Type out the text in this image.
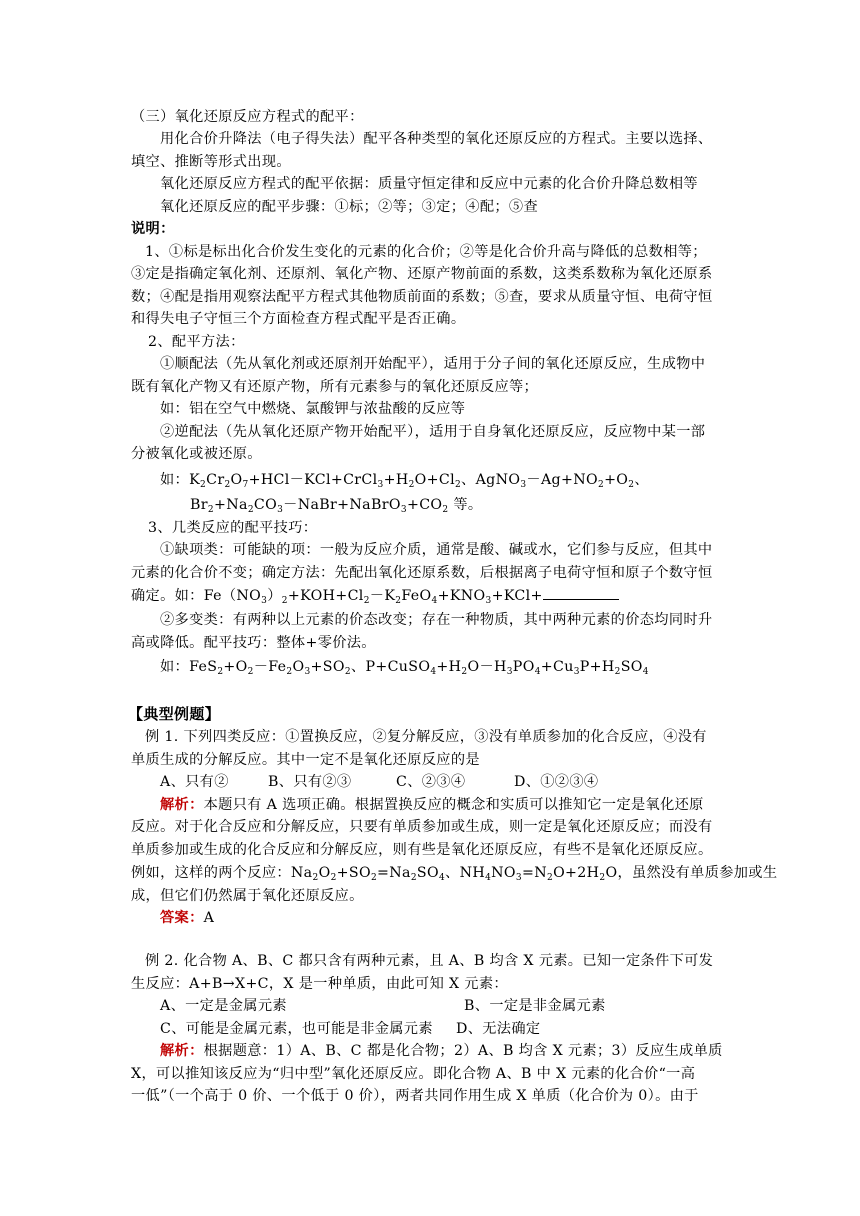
（三）氧化还原反应方程式的配平：
用化合价升降法（电子得失法）配平各种类型的氧化还原反应的方程式。主要以选择、
填空、推断等形式出现。
氧化还原反应方程式的配平依据：质量守恒定律和反应中元素的化合价升降总数相等
氧化还原反应的配平步骤：①标；②等；③定；④配；⑤查
说明：
1、①标是标出化合价发生变化的元素的化合价；②等是化合价升高与降低的总数相等；
③定是指确定氧化剂、还原剂、氧化产物、还原产物前面的系数，这类系数称为氧化还原系
数；④配是指用观察法配平方程式其他物质前面的系数；⑤查，要求从质量守恒、电荷守恒
和得失电子守恒三个方面检查方程式配平是否正确。
2、配平方法：
①顺配法（先从氧化剂或还原剂开始配平），适用于分子间的氧化还原反应，生成物中
既有氧化产物又有还原产物，所有元素参与的氧化还原反应等；
如：铝在空气中燃烧、氯酸钾与浓盐酸的反应等
②逆配法（先从氧化还原产物开始配平），适用于自身氧化还原反应，反应物中某一部
分被氧化或被还原。
如：$K_2Cr_2O_7+HCl-KCl+CrCl_3+H_2O+Cl_2$、$AgNO_3-Ag+NO_2+O_2$、
$Br_2+Na_2CO_3-NaBr+NaBrO_3+CO_2$ 等。
3、几类反应的配平技巧：
①缺项类：可能缺的项：一般为反应介质，通常是酸、碱或水，它们参与反应，但其中
元素的化合价不变；确定方法：先配出氧化还原系数，后根据离子电荷守恒和原子个数守恒
确定。如：$Fe(NO_3)_2+KOH+Cl_2-K_2FeO_4+KNO_3+KCl+$
②多变类：有两种以上元素的价态改变；存在一种物质，其中两种元素的价态均同时升
高或降低。配平技巧：整体+零价法。
如：$FeS_2+O_2-Fe_2O_3+SO_2$、$P+CuSO_4+H_2O-H_3PO_4+Cu_3P+H_2SO_4$
【典型例题】
例 1. 下列四类反应：①置换反应，②复分解反应，③没有单质参加的化合反应，④没有
单质生成的分解反应。其中一定不是氧化还原反应的是
A、只有②	B、只有②③	C、②③④	D、①②③④
解析：本题只有 A 选项正确。根据置换反应的概念和实质可以推知它一定是氧化还原
反应。对于化合反应和分解反应，只要有单质参加或生成，则一定是氧化还原反应；而没有
单质参加或生成的化合反应和分解反应，则有些是氧化还原反应，有些不是氧化还原反应。
例如，这样的两个反应：$Na_2O_2+SO_2=Na_2SO_4$、$NH_4NO_3=N_2O+2H_2O$，虽然没有单质参加或生
成，但它们仍然属于氧化还原反应。
答案：A
例 2. 化合物 A、B、C 都只含有两种元素，且 A、B 均含 X 元素。已知一定条件下可发
生反应：A+B→X+C，X 是一种单质，由此可知 X 元素：
A、一定是金属元素	B、一定是非金属元素
C、可能是金属元素，也可能是非金属元素 D、无法确定
解析：根据题意：1）A、B、C 都是化合物；2）A、B 均含 X 元素；3）反应生成单质
X，可以推知该反应为“归中型”氧化还原反应。即化合物 A、B 中 X 元素的化合价“一高
一低”（一个高于 0 价、一个低于 0 价），两者共同作用生成 X 单质（化合价为 0）。由于
